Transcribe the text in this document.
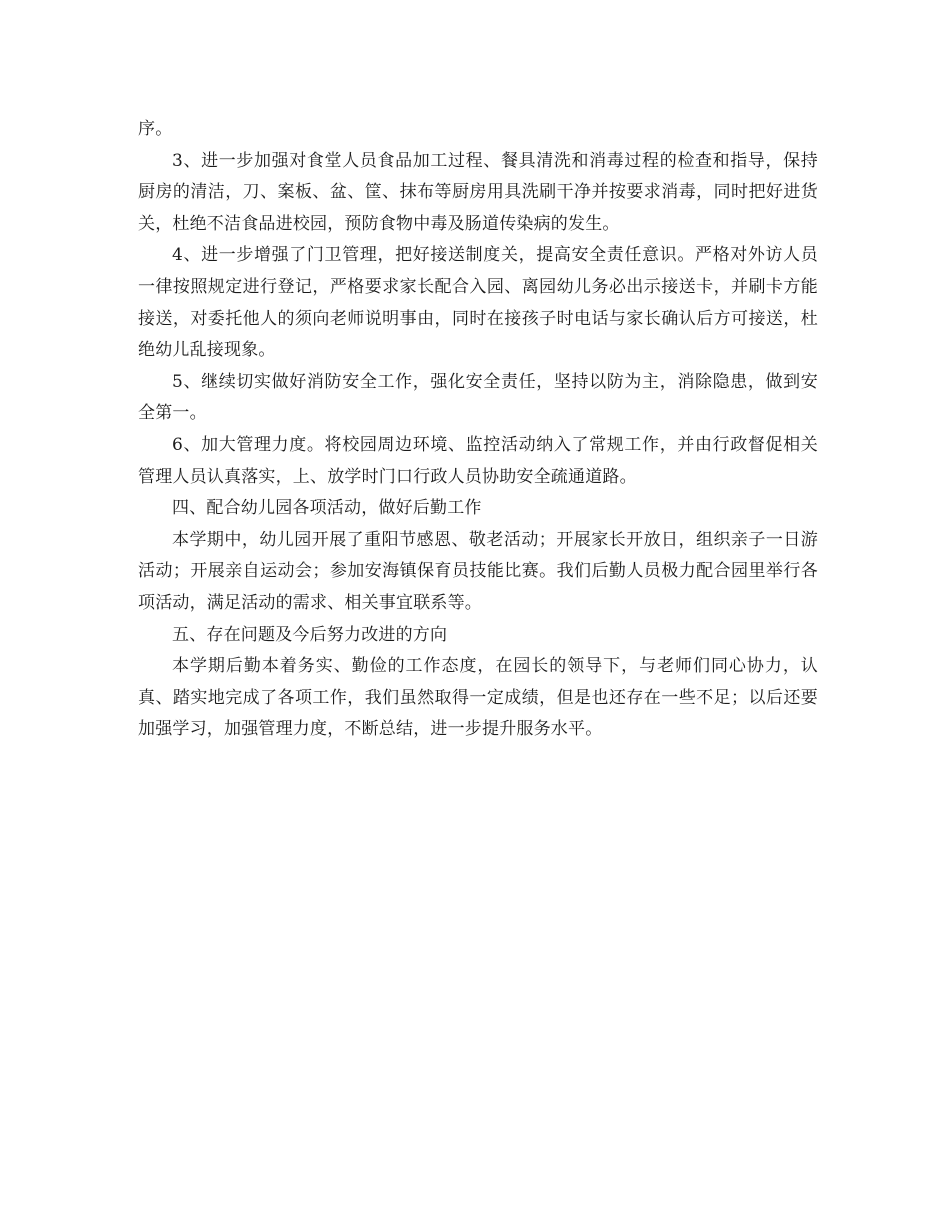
序。

3、进一步加强对食堂人员食品加工过程、餐具清洗和消毒过程的检查和指导，保持厨房的清洁，刀、案板、盆、筐、抹布等厨房用具洗刷干净并按要求消毒，同时把好进货关，杜绝不洁食品进校园，预防食物中毒及肠道传染病的发生。

4、进一步增强了门卫管理，把好接送制度关，提高安全责任意识。严格对外访人员一律按照规定进行登记，严格要求家长配合入园、离园幼儿务必出示接送卡，并刷卡方能接送，对委托他人的须向老师说明事由，同时在接孩子时电话与家长确认后方可接送，杜绝幼儿乱接现象。

5、继续切实做好消防安全工作，强化安全责任，坚持以防为主，消除隐患，做到安全第一。

6、加大管理力度。将校园周边环境、监控活动纳入了常规工作，并由行政督促相关管理人员认真落实，上、放学时门口行政人员协助安全疏通道路。

四、配合幼儿园各项活动，做好后勤工作

本学期中，幼儿园开展了重阳节感恩、敬老活动；开展家长开放日，组织亲子一日游活动；开展亲自运动会；参加安海镇保育员技能比赛。我们后勤人员极力配合园里举行各项活动，满足活动的需求、相关事宜联系等。

五、存在问题及今后努力改进的方向

本学期后勤本着务实、勤俭的工作态度，在园长的领导下，与老师们同心协力，认真、踏实地完成了各项工作，我们虽然取得一定成绩，但是也还存在一些不足；以后还要加强学习，加强管理力度，不断总结，进一步提升服务水平。
